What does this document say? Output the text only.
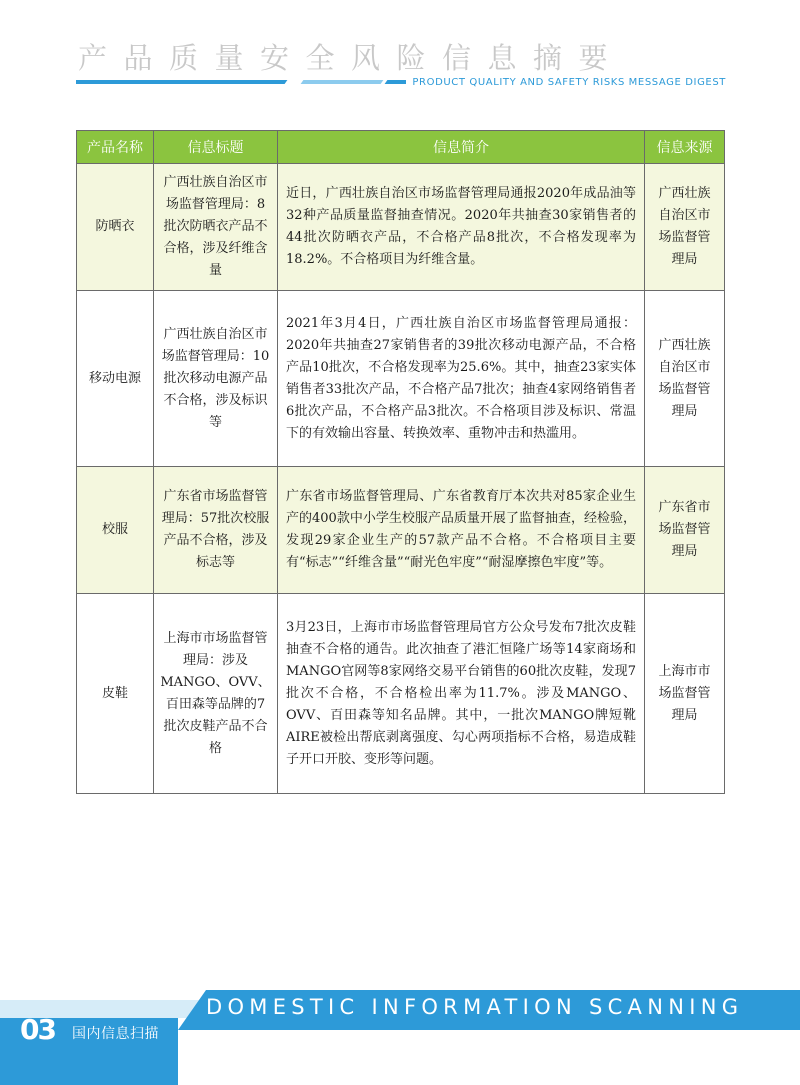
产品质量安全风险信息摘要
PRODUCT QUALITY AND SAFETY RISKS MESSAGE DIGEST
产品名称	信息标题	信息简介	信息来源
防晒衣	广西壮族自治区市场监督管理局：8批次防晒衣产品不合格，涉及纤维含量	近日，广西壮族自治区市场监督管理局通报2020年成品油等32种产品质量监督抽查情况。2020年共抽查30家销售者的44批次防晒衣产品，不合格产品8批次，不合格发现率为18.2%。不合格项目为纤维含量。	广西壮族自治区市场监督管理局
移动电源	广西壮族自治区市场监督管理局：10批次移动电源产品不合格，涉及标识等	2021年3月4日，广西壮族自治区市场监督管理局通报：2020年共抽查27家销售者的39批次移动电源产品，不合格产品10批次，不合格发现率为25.6%。其中，抽查23家实体销售者33批次产品，不合格产品7批次；抽查4家网络销售者6批次产品，不合格产品3批次。不合格项目涉及标识、常温下的有效输出容量、转换效率、重物冲击和热滥用。	广西壮族自治区市场监督管理局
校服	广东省市场监督管理局：57批次校服产品不合格，涉及标志等	广东省市场监督管理局、广东省教育厅本次共对85家企业生产的400款中小学生校服产品质量开展了监督抽查，经检验，发现29家企业生产的57款产品不合格。不合格项目主要有“标志”“纤维含量”“耐光色牢度”“耐湿摩擦色牢度”等。	广东省市场监督管理局
皮鞋	上海市市场监督管理局：涉及MANGO、OVV、百田森等品牌的7批次皮鞋产品不合格	3月23日，上海市市场监督管理局官方公众号发布7批次皮鞋抽查不合格的通告。此次抽查了港汇恒隆广场等14家商场和MANGO官网等8家网络交易平台销售的60批次皮鞋，发现7批次不合格，不合格检出率为11.7%。涉及MANGO、OVV、百田森等知名品牌。其中，一批次MANGO牌短靴AIRE被检出帮底剥离强度、勾心两项指标不合格，易造成鞋子开口开胶、变形等问题。	上海市市场监督管理局
DOMESTIC INFORMATION SCANNING
03 国内信息扫描
